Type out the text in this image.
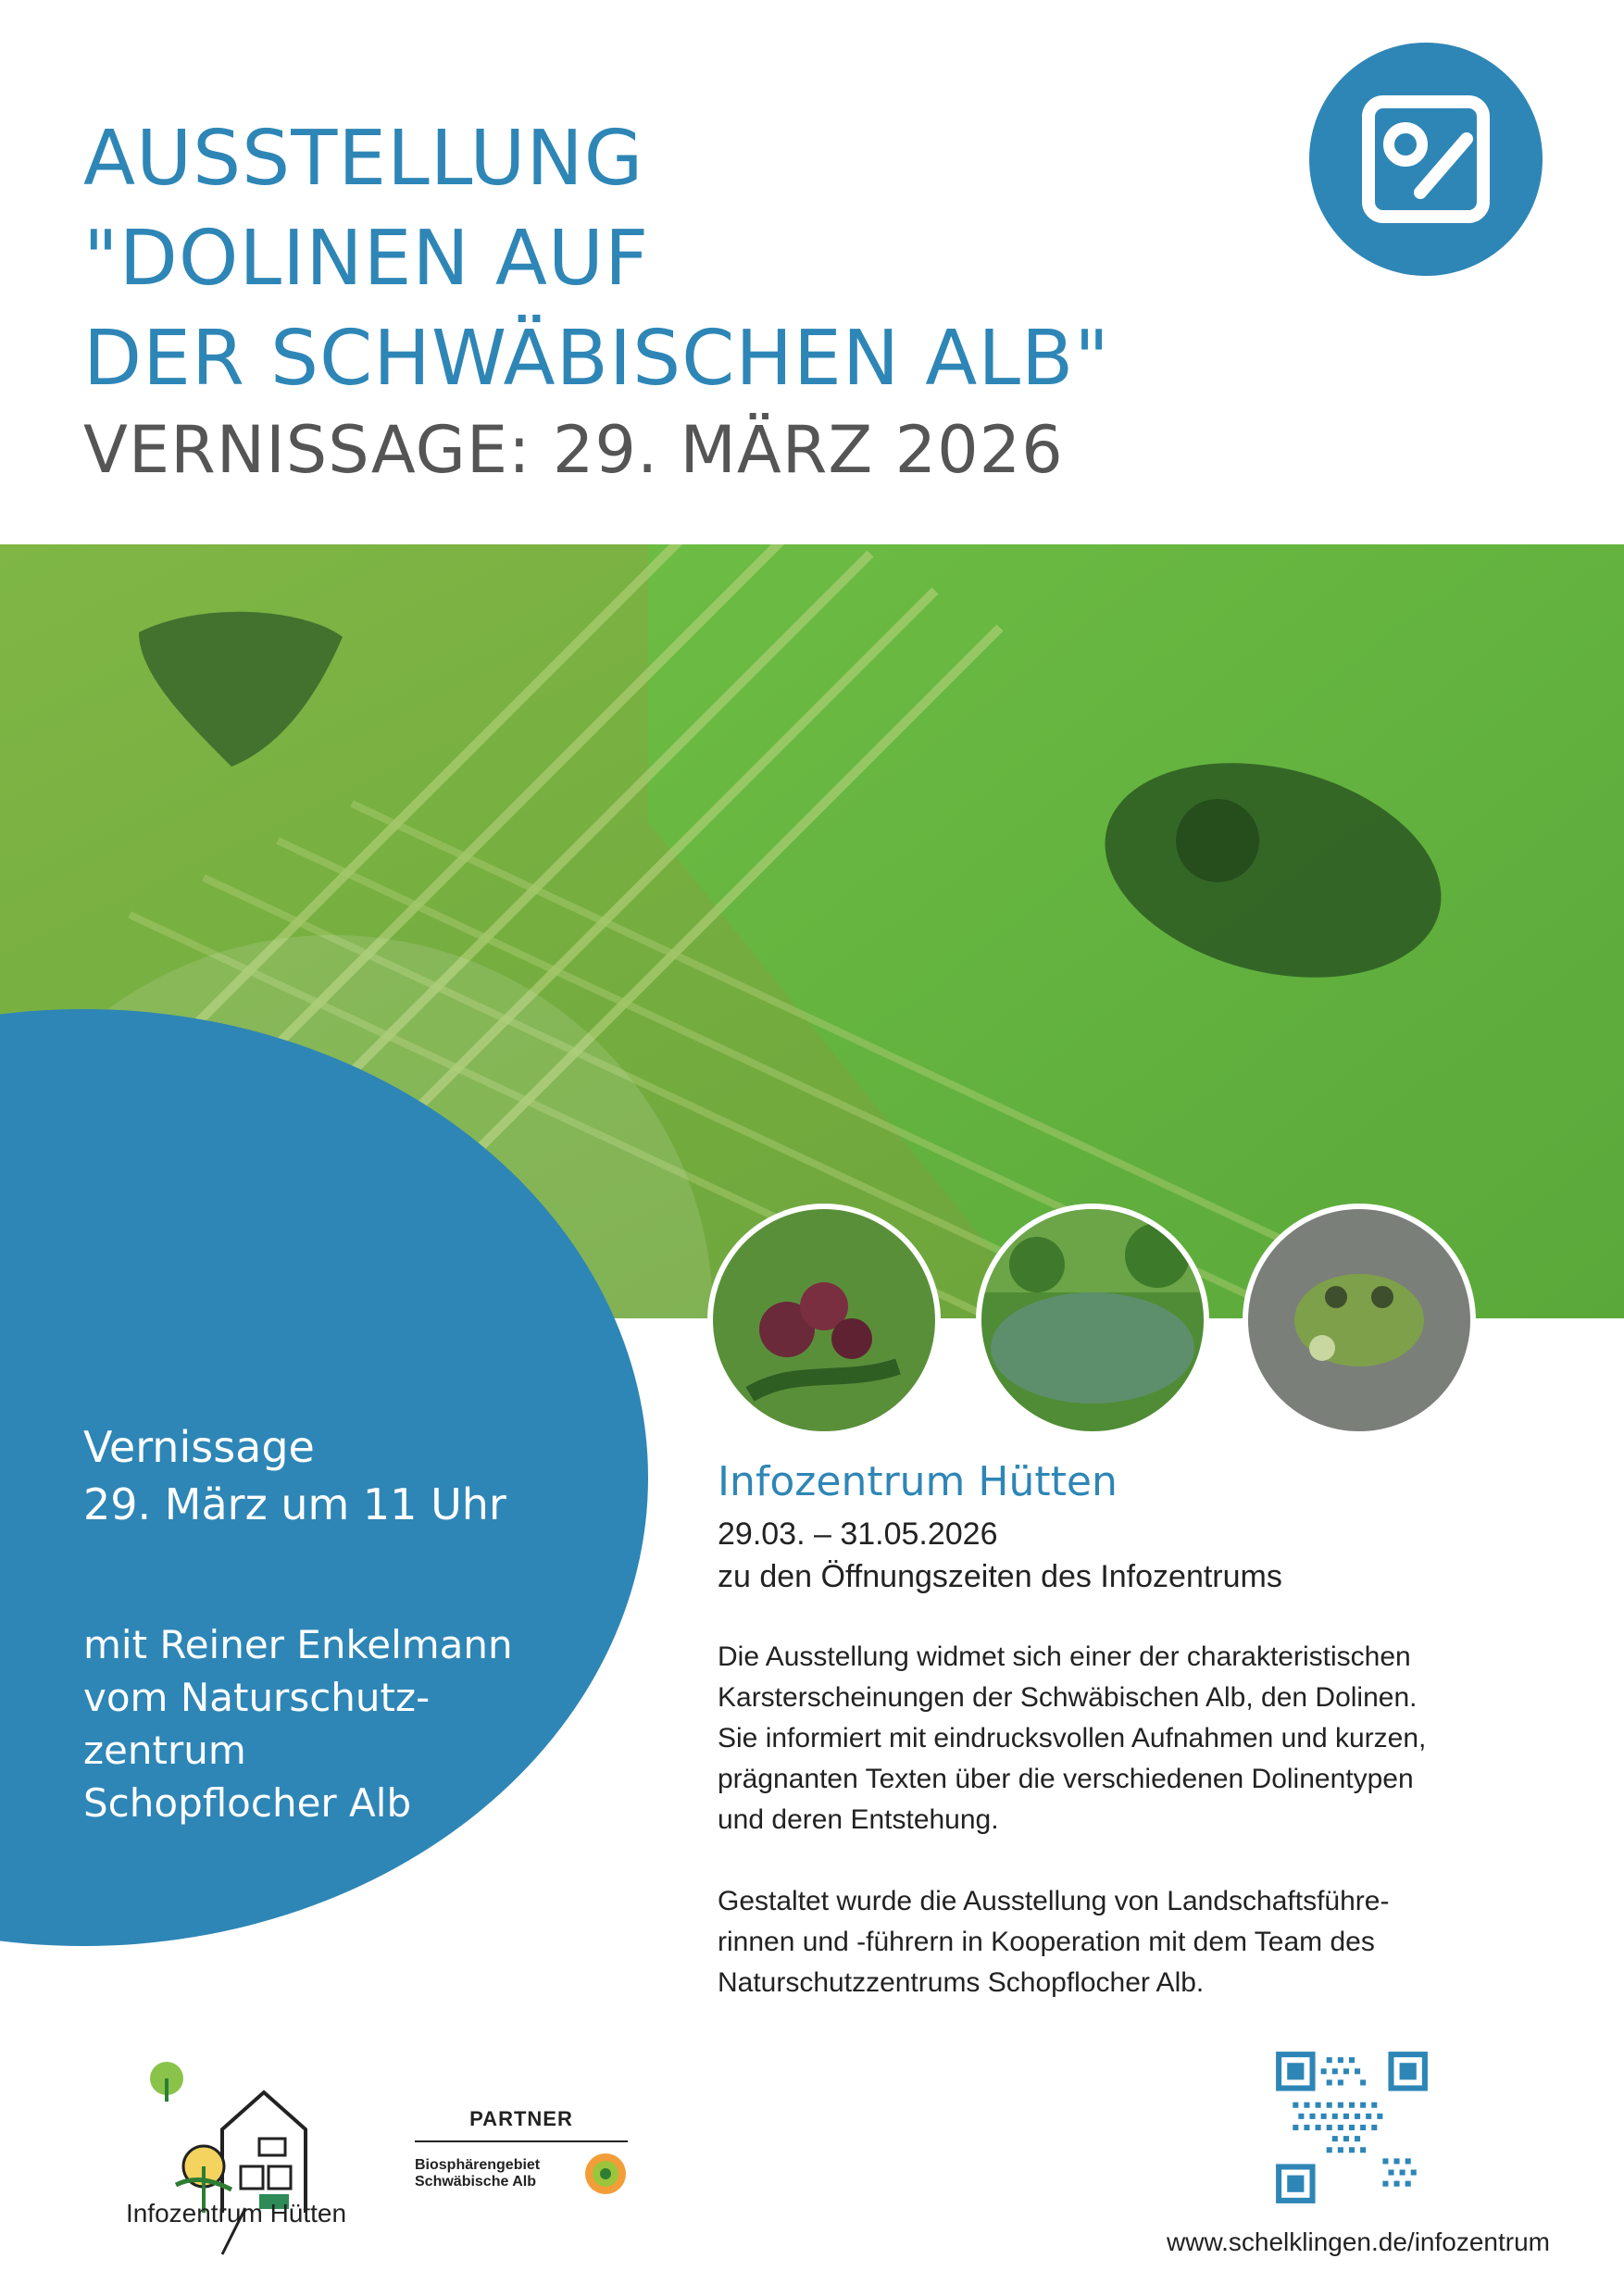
AUSSTELLUNG
"DOLINEN AUF
DER SCHWÄBISCHEN ALB"
VERNISSAGE: 29. MÄRZ 2026
Vernissage
29. März um 11 Uhr
mit Reiner Enkelmann
vom Naturschutz-
zentrum
Schopflocher Alb
Infozentrum Hütten
29.03. – 31.05.2026
zu den Öffnungszeiten des Infozentrums
Die Ausstellung widmet sich einer der charakteristischen
Karsterscheinungen der Schwäbischen Alb, den Dolinen.
Sie informiert mit eindrucksvollen Aufnahmen und kurzen,
prägnanten Texten über die verschiedenen Dolinentypen
und deren Entstehung.
Gestaltet wurde die Ausstellung von Landschaftsführe-
rinnen und -führern in Kooperation mit dem Team des
Naturschutzzentrums Schopflocher Alb.
Infozentrum Hütten
PARTNER
Biosphärengebiet
Schwäbische Alb
www.schelklingen.de/infozentrum
